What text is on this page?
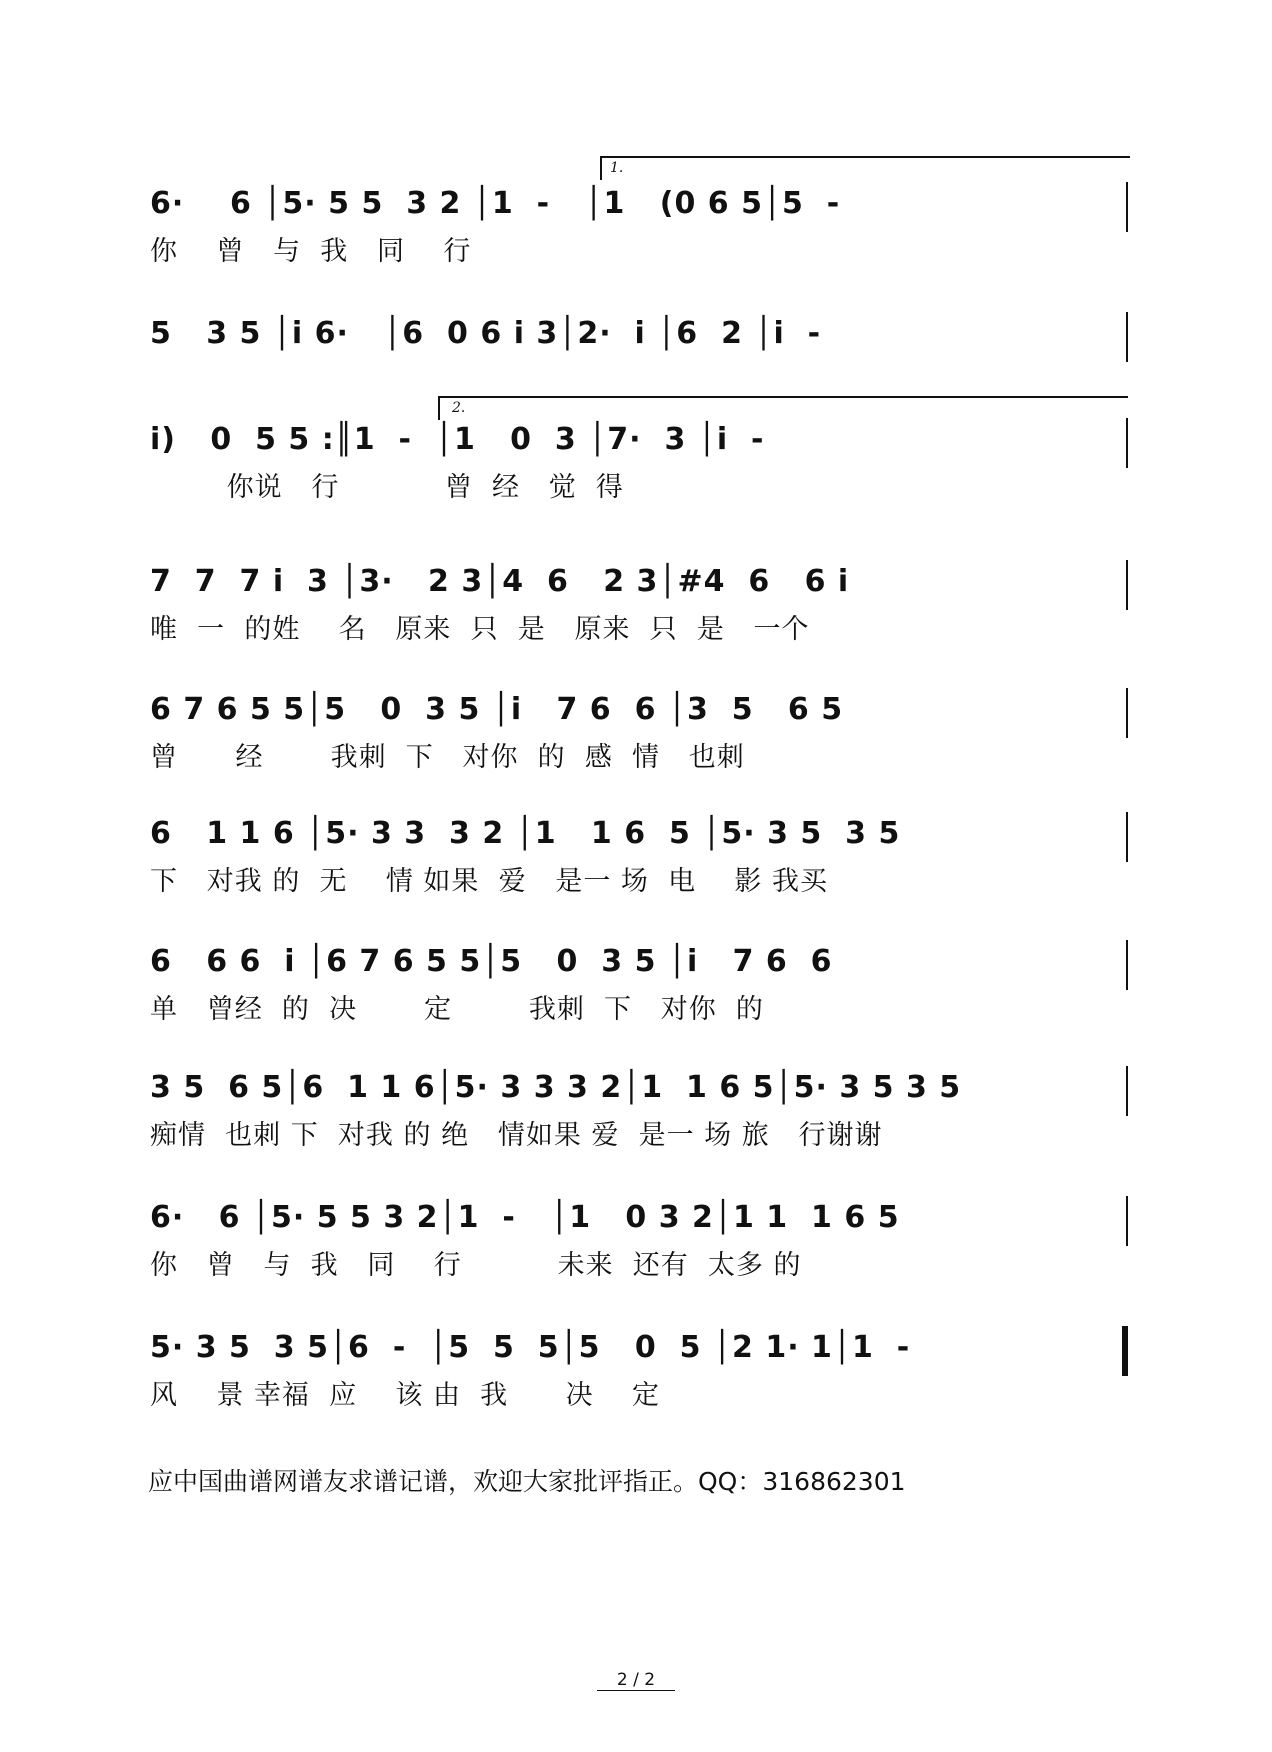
1.
2.
6·    6 │5· 5 5  3 2 │1  -   │1   (0 6 5│5  -
你    曾   与  我   同    行
5   3 5 │i 6·   │6  0 6 i 3│2·  i │6  2 │i  -
i)   0  5 5 :║1  -  │1   0  3 │7·  3 │i  -
你说   行           曾  经   觉  得
7  7  7 i  3 │3·   2 3│4  6   2 3│#4  6   6 i
唯  一  的姓    名   原来  只  是   原来  只  是   一个
6 7 6 5 5│5   0  3 5 │i   7 6  6 │3  5   6 5
曾      经       我刺  下   对你  的  感  情   也刺
6   1 1 6 │5· 3 3  3 2 │1   1 6  5 │5· 3 5  3 5
下   对我 的  无    情 如果  爱   是一 场  电    影 我买
6   6 6  i │6 7 6 5 5│5   0  3 5 │i   7 6  6
单   曾经  的  决       定        我刺  下   对你  的
3 5  6 5│6  1 1 6│5· 3 3 3 2│1  1 6 5│5· 3 5 3 5
痴情  也刺 下  对我 的 绝   情如果 爱  是一 场 旅   行谢谢
6·   6 │5· 5 5 3 2│1  -   │1   0 3 2│1 1  1 6 5
你   曾   与  我   同    行          未来  还有  太多 的
5· 3 5  3 5│6  -  │5  5  5│5   0  5 │2 1· 1│1  -
风    景 幸福  应    该 由  我      决    定
应中国曲谱网谱友求谱记谱，欢迎大家批评指正。QQ：316862301
2 / 2
